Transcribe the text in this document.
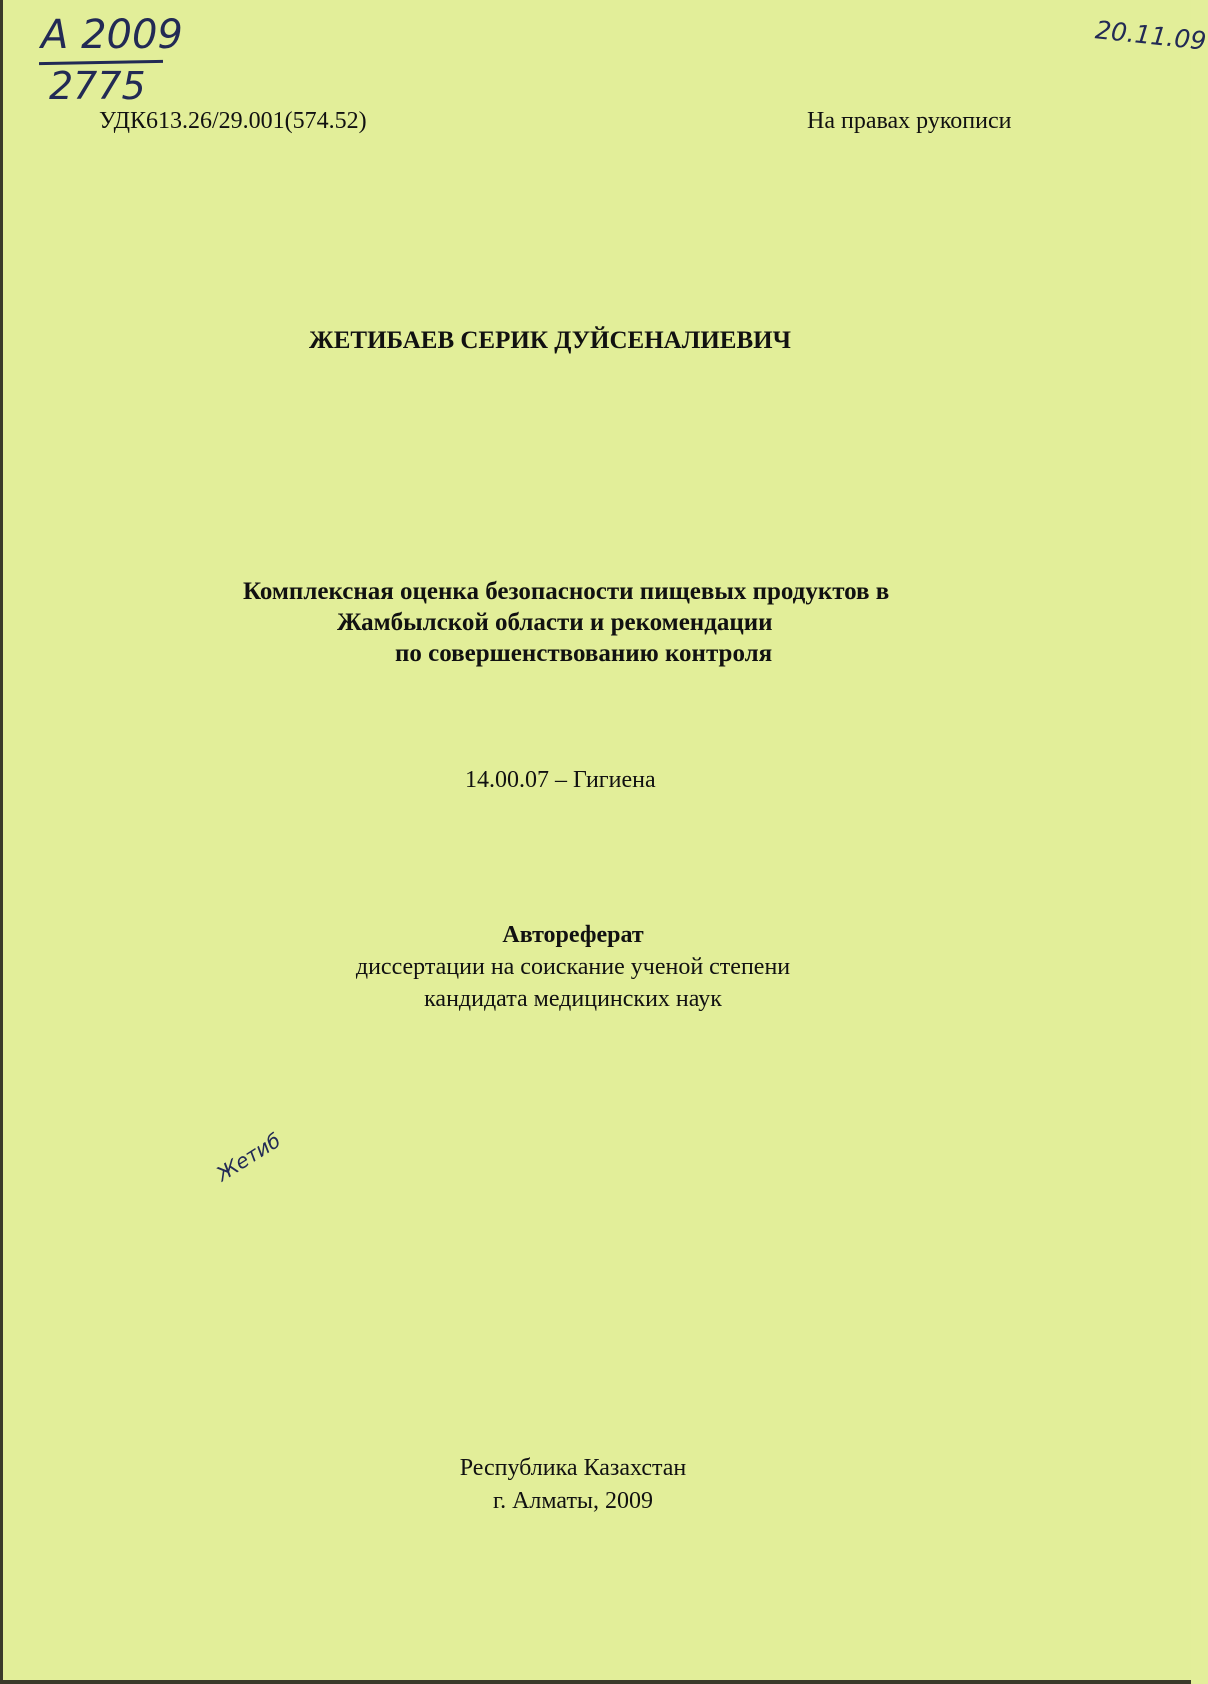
А 2009
2775
20.11.09
УДК613.26/29.001(574.52)	На правах рукописи
ЖЕТИБАЕВ СЕРИК ДУЙСЕНАЛИЕВИЧ
Комплексная оценка безопасности пищевых продуктов в
Жамбылской области и рекомендации
по совершенствованию контроля
14.00.07 – Гигиена
Автореферат
диссертации на соискание ученой степени
кандидата медицинских наук
Жетиб
Республика Казахстан
г. Алматы, 2009
